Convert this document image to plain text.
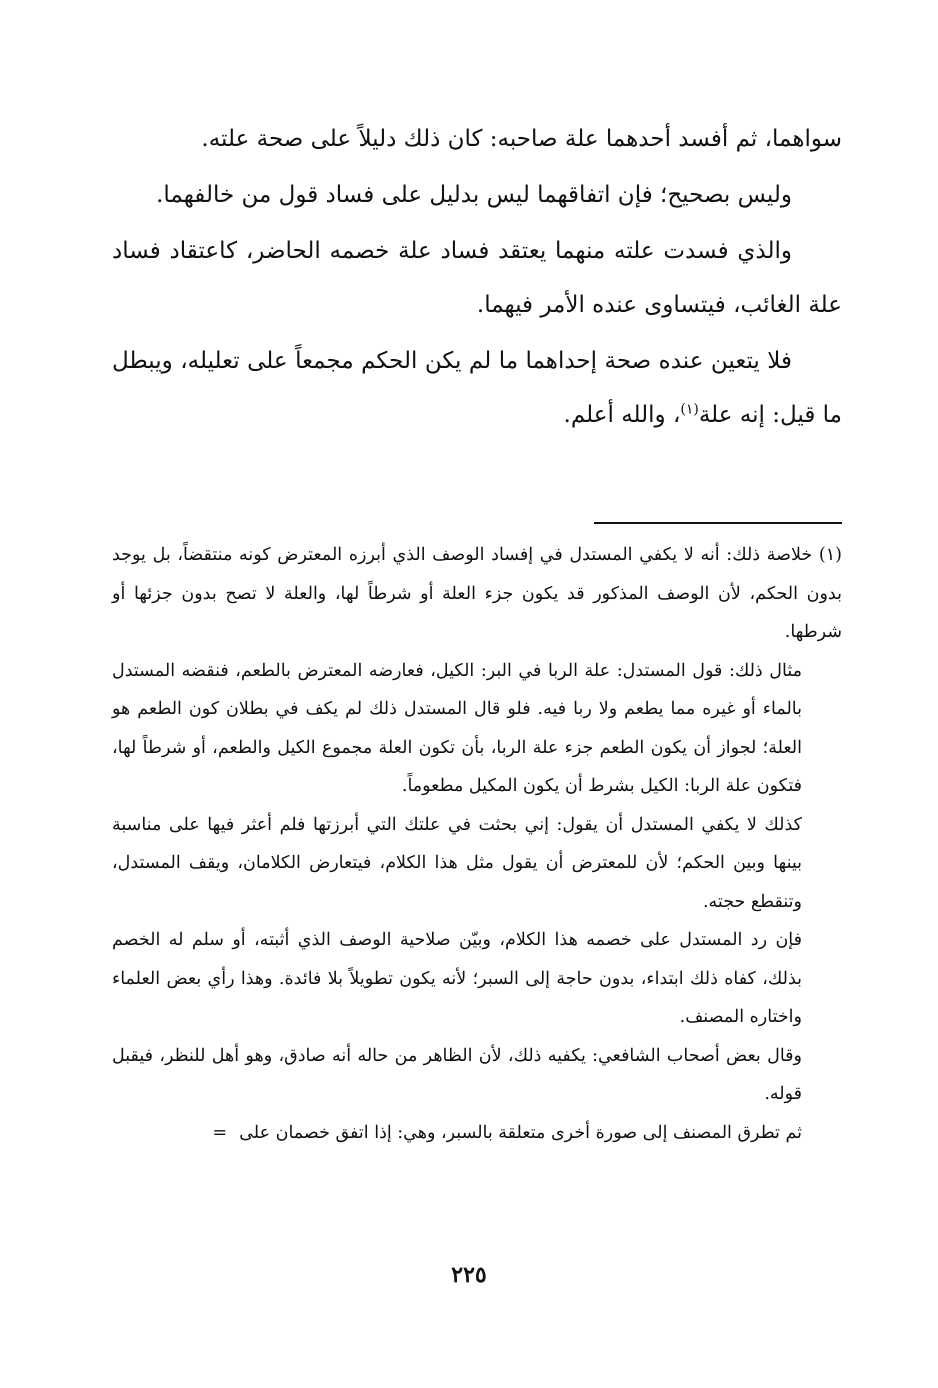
سواهما، ثم أفسد أحدهما علة صاحبه: كان ذلك دليلاً على صحة علته.

وليس بصحيح؛ فإن اتفاقهما ليس بدليل على فساد قول من خالفهما.

والذي فسدت علته منهما يعتقد فساد علة خصمه الحاضر، كاعتقاد فساد علة الغائب، فيتساوى عنده الأمر فيهما.

فلا يتعين عنده صحة إحداهما ما لم يكن الحكم مجمعاً على تعليله، ويبطل ما قيل: إنه علة$^{(١)}$، والله أعلم.

(١) خلاصة ذلك: أنه لا يكفي المستدل في إفساد الوصف الذي أبرزه المعترض كونه منتقضاً، بل يوجد بدون الحكم، لأن الوصف المذكور قد يكون جزء العلة أو شرطاً لها، والعلة لا تصح بدون جزئها أو شرطها.

مثال ذلك: قول المستدل: علة الربا في البر: الكيل، فعارضه المعترض بالطعم، فنقضه المستدل بالماء أو غيره مما يطعم ولا ربا فيه. فلو قال المستدل ذلك لم يكف في بطلان كون الطعم هو العلة؛ لجواز أن يكون الطعم جزء علة الربا، بأن تكون العلة مجموع الكيل والطعم، أو شرطاً لها، فتكون علة الربا: الكيل بشرط أن يكون المكيل مطعوماً.

كذلك لا يكفي المستدل أن يقول: إني بحثت في علتك التي أبرزتها فلم أعثر فيها على مناسبة بينها وبين الحكم؛ لأن للمعترض أن يقول مثل هذا الكلام، فيتعارض الكلامان، ويقف المستدل، وتنقطع حجته.

فإن رد المستدل على خصمه هذا الكلام، وبيّن صلاحية الوصف الذي أثبته، أو سلم له الخصم بذلك، كفاه ذلك ابتداء، بدون حاجة إلى السبر؛ لأنه يكون تطويلاً بلا فائدة. وهذا رأي بعض العلماء واختاره المصنف.

وقال بعض أصحاب الشافعي: يكفيه ذلك، لأن الظاهر من حاله أنه صادق، وهو أهل للنظر، فيقبل قوله.

ثم تطرق المصنف إلى صورة أخرى متعلقة بالسبر، وهي: إذا اتفق خصمان على=

٢٢٥
